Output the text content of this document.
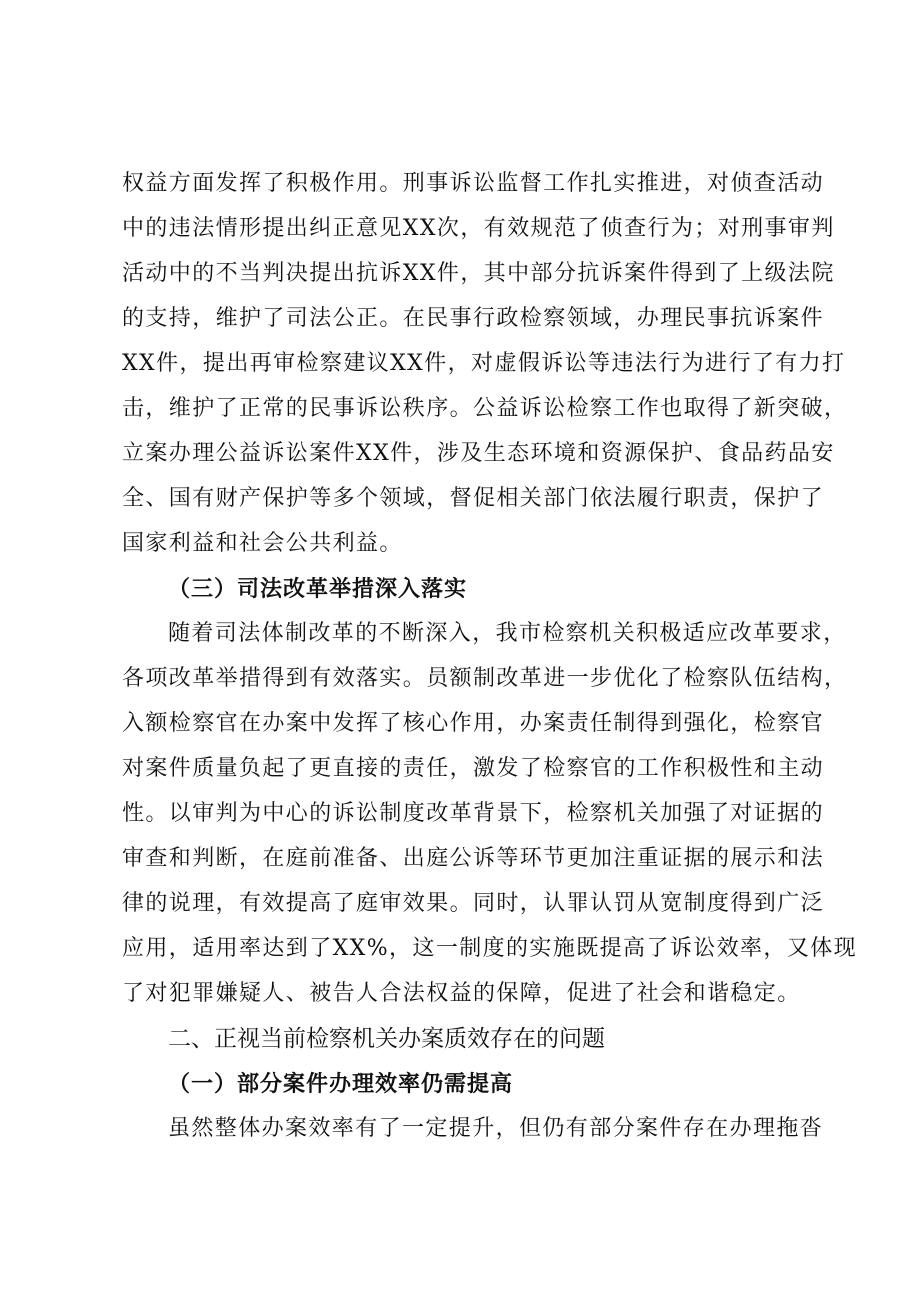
权益方面发挥了积极作用。刑事诉讼监督工作扎实推进，对侦查活动
中的违法情形提出纠正意见XX次，有效规范了侦查行为；对刑事审判
活动中的不当判决提出抗诉XX件，其中部分抗诉案件得到了上级法院
的支持，维护了司法公正。在民事行政检察领域，办理民事抗诉案件
XX件，提出再审检察建议XX件，对虚假诉讼等违法行为进行了有力打
击，维护了正常的民事诉讼秩序。公益诉讼检察工作也取得了新突破，
立案办理公益诉讼案件XX件，涉及生态环境和资源保护、食品药品安
全、国有财产保护等多个领域，督促相关部门依法履行职责，保护了
国家利益和社会公共利益。
（三）司法改革举措深入落实
随着司法体制改革的不断深入，我市检察机关积极适应改革要求，
各项改革举措得到有效落实。员额制改革进一步优化了检察队伍结构，
入额检察官在办案中发挥了核心作用，办案责任制得到强化，检察官
对案件质量负起了更直接的责任，激发了检察官的工作积极性和主动
性。以审判为中心的诉讼制度改革背景下，检察机关加强了对证据的
审查和判断，在庭前准备、出庭公诉等环节更加注重证据的展示和法
律的说理，有效提高了庭审效果。同时，认罪认罚从宽制度得到广泛
应用，适用率达到了XX%，这一制度的实施既提高了诉讼效率，又体现
了对犯罪嫌疑人、被告人合法权益的保障，促进了社会和谐稳定。
二、正视当前检察机关办案质效存在的问题
（一）部分案件办理效率仍需提高
虽然整体办案效率有了一定提升，但仍有部分案件存在办理拖沓
